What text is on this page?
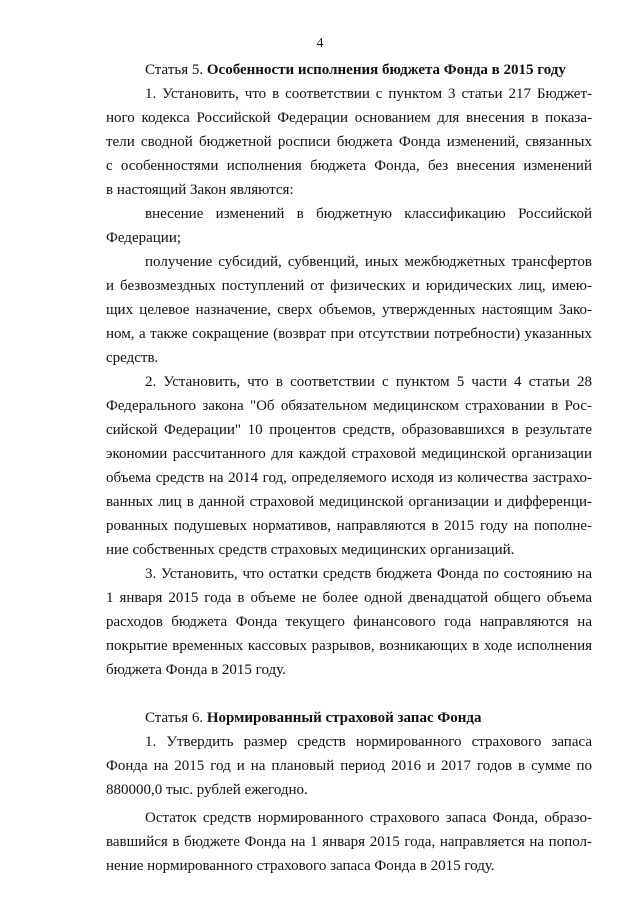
4
Статья 5. Особенности исполнения бюджета Фонда в 2015 году
1. Установить, что в соответствии с пунктом 3 статьи 217 Бюджет-
ного кодекса Российской Федерации основанием для внесения в показа-
тели сводной бюджетной росписи бюджета Фонда изменений, связанных
с особенностями исполнения бюджета Фонда, без внесения изменений
в настоящий Закон являются:
внесение изменений в бюджетную классификацию Российской
Федерации;
получение субсидий, субвенций, иных межбюджетных трансфертов
и безвозмездных поступлений от физических и юридических лиц, имею-
щих целевое назначение, сверх объемов, утвержденных настоящим Зако-
ном, а также сокращение (возврат при отсутствии потребности) указанных
средств.
2. Установить, что в соответствии с пунктом 5 части 4 статьи 28
Федерального закона "Об обязательном медицинском страховании в Рос-
сийской Федерации" 10 процентов средств, образовавшихся в результате
экономии рассчитанного для каждой страховой медицинской организации
объема средств на 2014 год, определяемого исходя из количества застрахо-
ванных лиц в данной страховой медицинской организации и дифференци-
рованных подушевых нормативов, направляются в 2015 году на пополне-
ние собственных средств страховых медицинских организаций.
3. Установить, что остатки средств бюджета Фонда по состоянию на
1 января 2015 года в объеме не более одной двенадцатой общего объема
расходов бюджета Фонда текущего финансового года направляются на
покрытие временных кассовых разрывов, возникающих в ходе исполнения
бюджета Фонда в 2015 году.
Статья 6. Нормированный страховой запас Фонда
1. Утвердить размер средств нормированного страхового запаса
Фонда на 2015 год и на плановый период 2016 и 2017 годов в сумме по
880000,0 тыс. рублей ежегодно.
Остаток средств нормированного страхового запаса Фонда, образо-
вавшийся в бюджете Фонда на 1 января 2015 года, направляется на попол-
нение нормированного страхового запаса Фонда в 2015 году.
